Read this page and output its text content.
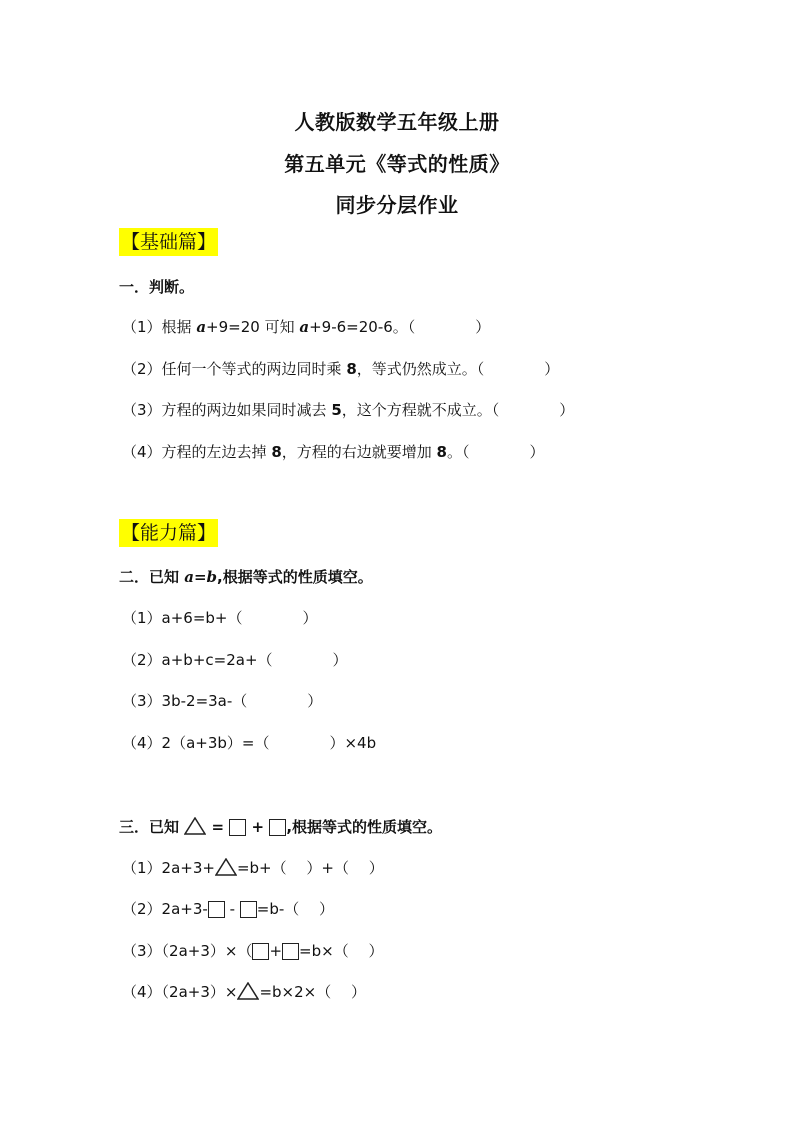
人教版数学五年级上册
第五单元《等式的性质》
同步分层作业
【基础篇】
一．判断。
（1）根据 a+9=20 可知 a+9-6=20-6。（　　　　）
（2）任何一个等式的两边同时乘 8，等式仍然成立。（　　　　）
（3）方程的两边如果同时减去 5，这个方程就不成立。（　　　　）
（4）方程的左边去掉 8，方程的右边就要增加 8。（　　　　）
【能力篇】
二．已知 a=b,根据等式的性质填空。
（1）a+6=b+（　　　　）
（2）a+b+c=2a+（　　　　）
（3）3b-2=3a-（　　　　）
（4）2（a+3b）=（　　　　）×4b
三．已知  = + ,根据等式的性质填空。
（1）2a+3+ =b+（　 ）+（　 ）
（2）2a+3- - =b-（　 ）
（3）（2a+3）×（ + =b×（　 ）
（4）（2a+3）× =b×2×（　 ）
